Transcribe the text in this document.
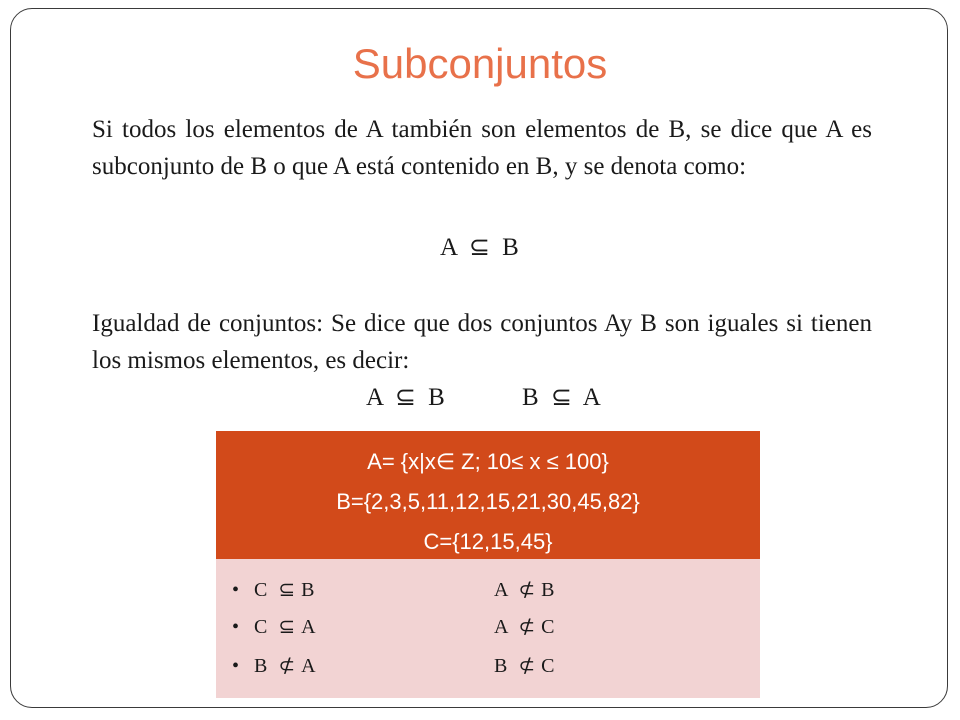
Subconjuntos
Si todos los elementos de A también son elementos de B, se dice que A es subconjunto de B o que A está contenido en B, y se denota como:
A ⊆ B
Igualdad de conjuntos: Se dice que dos conjuntos Ay B son iguales si tienen los mismos elementos, es decir:
A ⊆ B	B ⊆ A
A= {x|x∈ Z; 10≤ x ≤ 100}
B={2,3,5,11,12,15,21,30,45,82}
C={12,15,45}
• C ⊆ B
• C ⊆ A
• B ⊄ A
A ⊄ B
A ⊄ C
B ⊄ C
